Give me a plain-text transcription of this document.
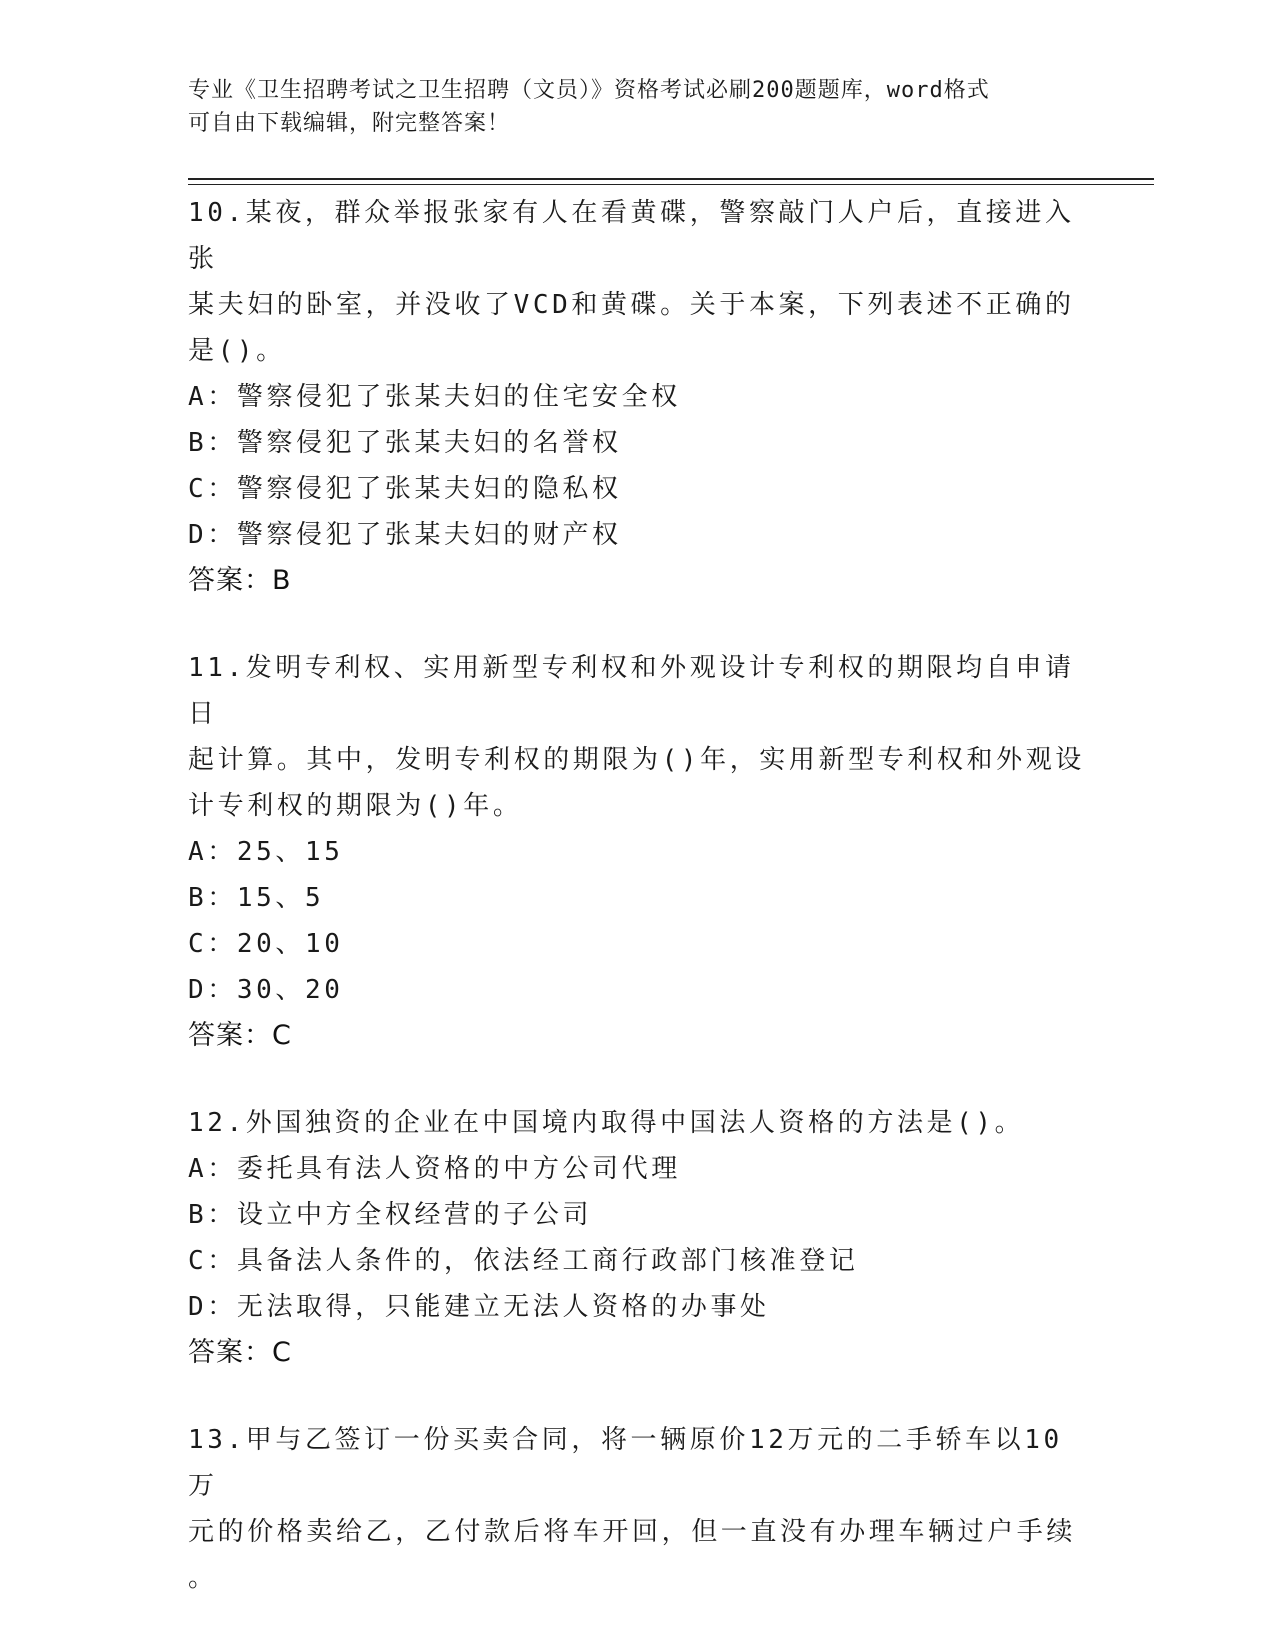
专业《卫生招聘考试之卫生招聘（文员）》资格考试必刷200题题库，word格式
可自由下载编辑，附完整答案！
10.某夜，群众举报张家有人在看黄碟，警察敲门人户后，直接进入张
某夫妇的卧室，并没收了VCD和黄碟。关于本案，下列表述不正确的
是()。
A：警察侵犯了张某夫妇的住宅安全权
B：警察侵犯了张某夫妇的名誉权
C：警察侵犯了张某夫妇的隐私权
D：警察侵犯了张某夫妇的财产权
答案：B
11.发明专利权、实用新型专利权和外观设计专利权的期限均自申请日
起计算。其中，发明专利权的期限为()年，实用新型专利权和外观设
计专利权的期限为()年。
A：25、15
B：15、5
C：20、10
D：30、20
答案：C
12.外国独资的企业在中国境内取得中国法人资格的方法是()。
A：委托具有法人资格的中方公司代理
B：设立中方全权经营的子公司
C：具备法人条件的，依法经工商行政部门核准登记
D：无法取得，只能建立无法人资格的办事处
答案：C
13.甲与乙签订一份买卖合同，将一辆原价12万元的二手轿车以10万
元的价格卖给乙，乙付款后将车开回，但一直没有办理车辆过户手续
。
